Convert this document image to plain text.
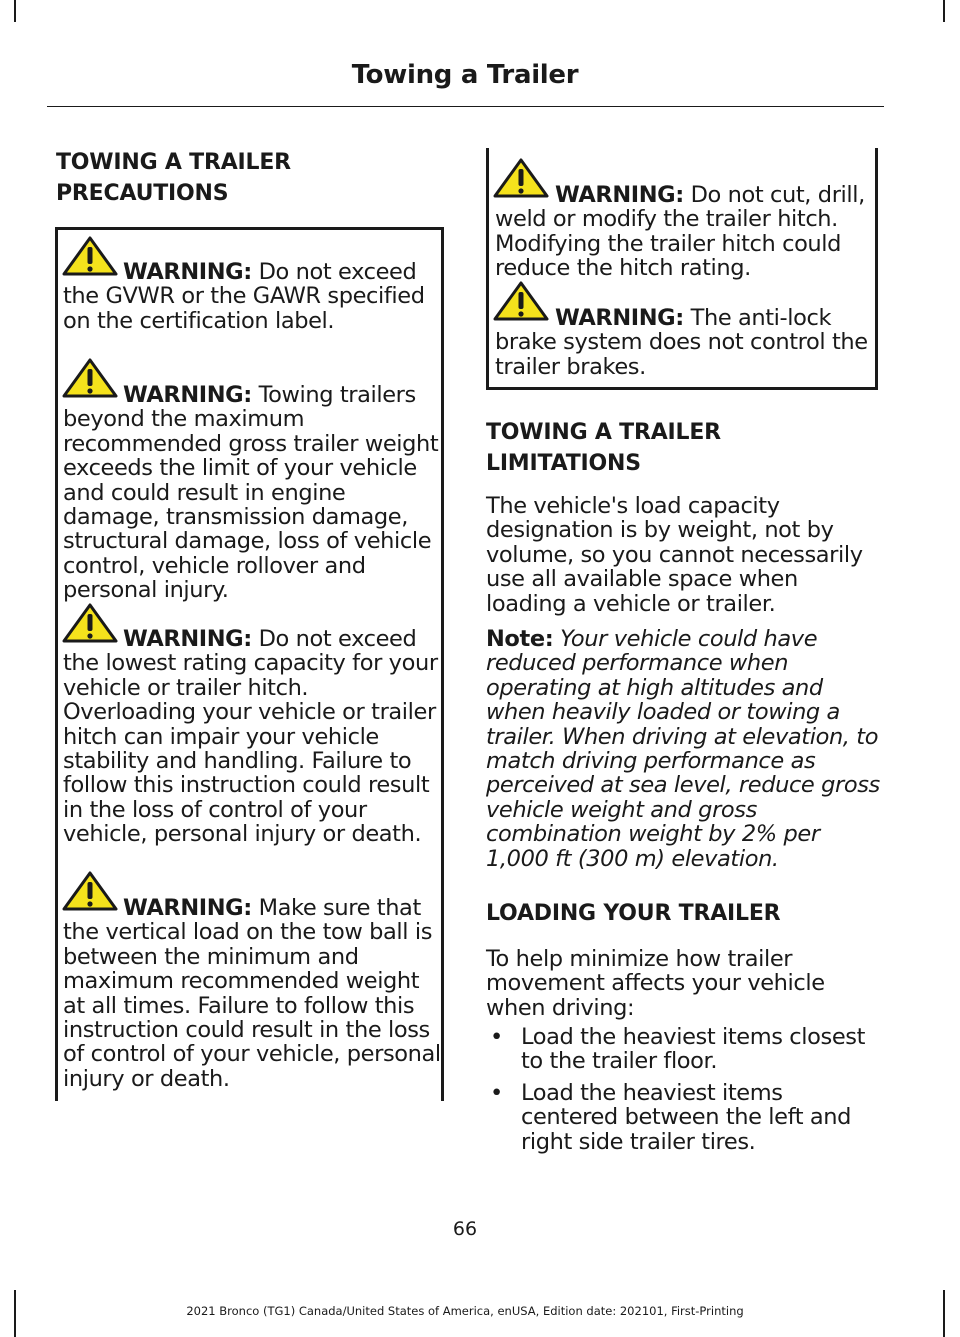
Towing a Trailer
TOWING A TRAILER
PRECAUTIONS

WARNING: Do not exceed the GVWR or the GAWR specified on the certification label.

WARNING: Towing trailers beyond the maximum recommended gross trailer weight exceeds the limit of your vehicle and could result in engine damage, transmission damage, structural damage, loss of vehicle control, vehicle rollover and personal injury.

WARNING: Do not exceed the lowest rating capacity for your vehicle or trailer hitch. Overloading your vehicle or trailer hitch can impair your vehicle stability and handling. Failure to follow this instruction could result in the loss of control of your vehicle, personal injury or death.

WARNING: Make sure that the vertical load on the tow ball is between the minimum and maximum recommended weight at all times. Failure to follow this instruction could result in the loss of control of your vehicle, personal injury or death.

WARNING: Do not cut, drill, weld or modify the trailer hitch. Modifying the trailer hitch could reduce the hitch rating.

WARNING: The anti-lock brake system does not control the trailer brakes.

TOWING A TRAILER
LIMITATIONS

The vehicle's load capacity designation is by weight, not by volume, so you cannot necessarily use all available space when loading a vehicle or trailer.

Note: Your vehicle could have reduced performance when operating at high altitudes and when heavily loaded or towing a trailer. When driving at elevation, to match driving performance as perceived at sea level, reduce gross vehicle weight and gross combination weight by 2% per 1,000 ft (300 m) elevation.

LOADING YOUR TRAILER

To help minimize how trailer movement affects your vehicle when driving:

• Load the heaviest items closest to the trailer floor.
• Load the heaviest items centered between the left and right side trailer tires.
66
2021 Bronco (TG1) Canada/United States of America, enUSA, Edition date: 202101, First-Printing
